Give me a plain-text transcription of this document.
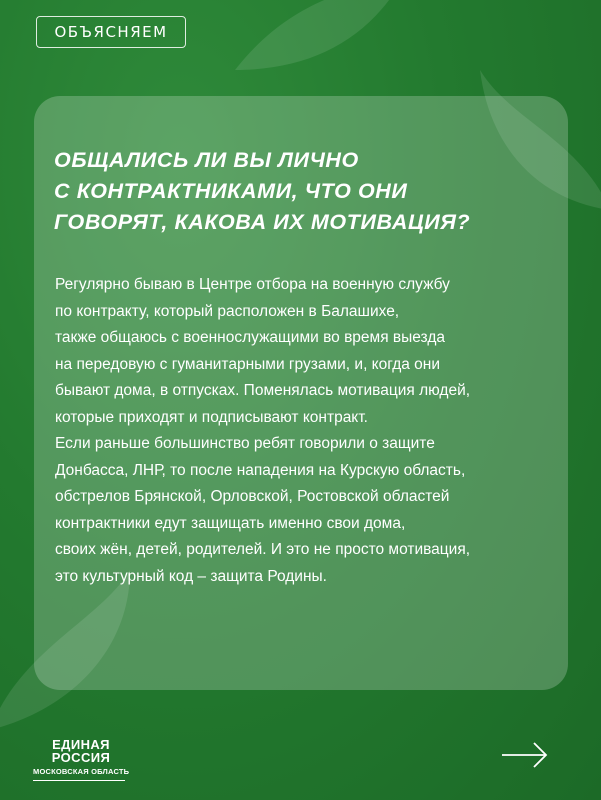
ОБЪЯСНЯЕМ
ОБЩАЛИСЬ ЛИ ВЫ ЛИЧНО
С КОНТРАКТНИКАМИ, ЧТО ОНИ
ГОВОРЯТ, КАКОВА ИХ МОТИВАЦИЯ?
Регулярно бываю в Центре отбора на военную службу
по контракту, который расположен в Балашихе,
также общаюсь с военнослужащими во время выезда
на передовую с гуманитарными грузами, и, когда они
бывают дома, в отпусках. Поменялась мотивация людей,
которые приходят и подписывают контракт.
Если раньше большинство ребят говорили о защите
Донбасса, ЛНР, то после нападения на Курскую область,
обстрелов Брянской, Орловской, Ростовской областей
контрактники едут защищать именно свои дома,
своих жён, детей, родителей. И это не просто мотивация,
это культурный код – защита Родины.
ЕДИНАЯ
РОССИЯ
МОСКОВСКАЯ ОБЛАСТЬ
